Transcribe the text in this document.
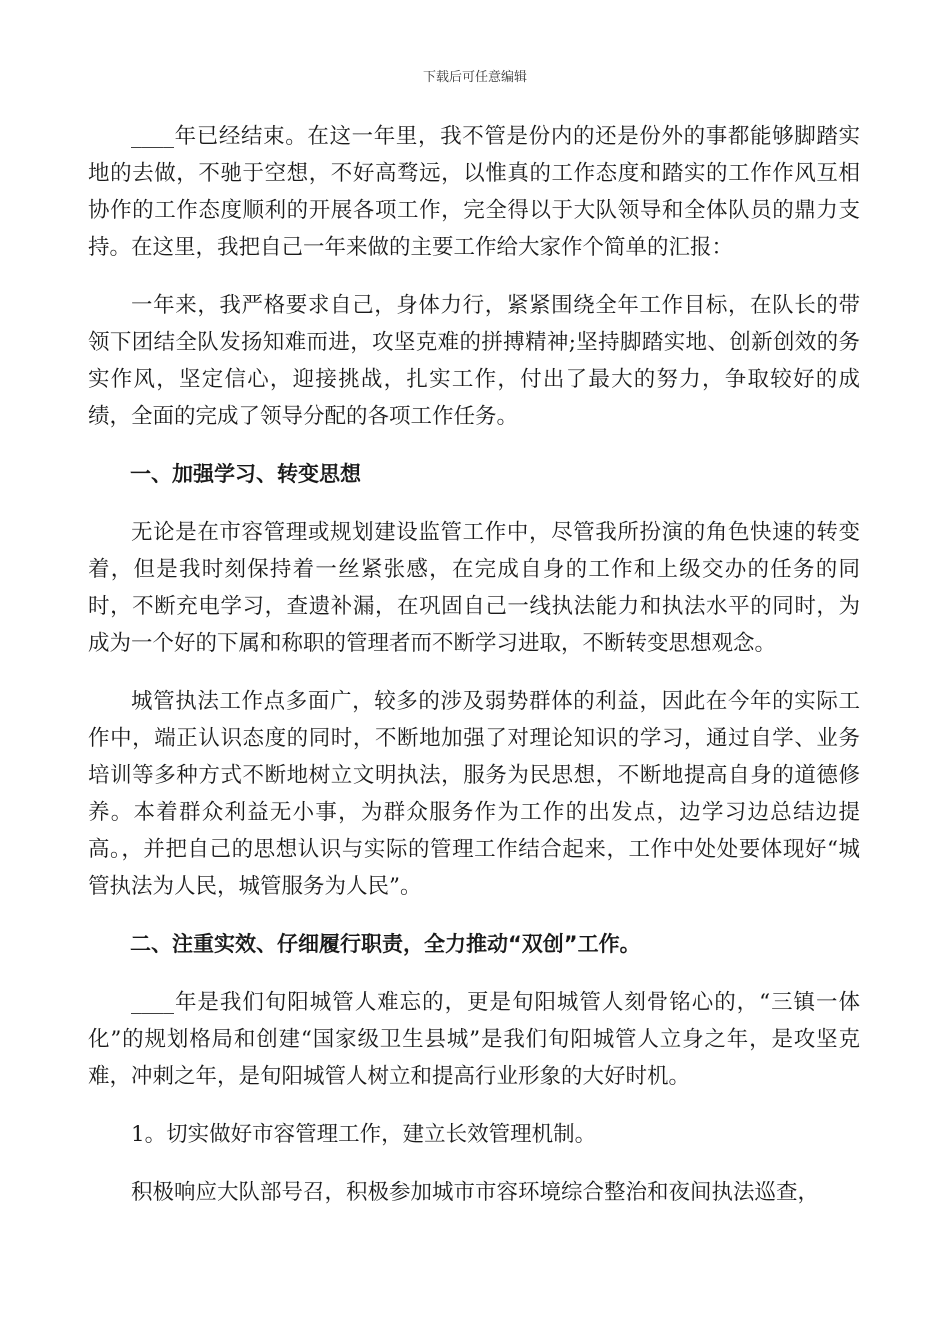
下载后可任意编辑

____年已经结束。在这一年里，我不管是份内的还是份外的事都能够脚踏实地的去做，不驰于空想，不好高骛远，以惟真的工作态度和踏实的工作作风互相协作的工作态度顺利的开展各项工作，完全得以于大队领导和全体队员的鼎力支持。在这里，我把自己一年来做的主要工作给大家作个简单的汇报：

一年来，我严格要求自己，身体力行，紧紧围绕全年工作目标，在队长的带领下团结全队发扬知难而进，攻坚克难的拼搏精神;坚持脚踏实地、创新创效的务实作风，坚定信心，迎接挑战，扎实工作，付出了最大的努力，争取较好的成绩，全面的完成了领导分配的各项工作任务。

一、加强学习、转变思想

无论是在市容管理或规划建设监管工作中，尽管我所扮演的角色快速的转变着，但是我时刻保持着一丝紧张感，在完成自身的工作和上级交办的任务的同时，不断充电学习，查遗补漏，在巩固自己一线执法能力和执法水平的同时，为成为一个好的下属和称职的管理者而不断学习进取，不断转变思想观念。

城管执法工作点多面广，较多的涉及弱势群体的利益，因此在今年的实际工作中，端正认识态度的同时，不断地加强了对理论知识的学习，通过自学、业务培训等多种方式不断地树立文明执法，服务为民思想，不断地提高自身的道德修养。本着群众利益无小事，为群众服务作为工作的出发点，边学习边总结边提高。，并把自己的思想认识与实际的管理工作结合起来，工作中处处要体现好“城管执法为人民，城管服务为人民”。

二、注重实效、仔细履行职责，全力推动“双创”工作。

____年是我们旬阳城管人难忘的，更是旬阳城管人刻骨铭心的，“三镇一体化”的规划格局和创建“国家级卫生县城”是我们旬阳城管人立身之年，是攻坚克难，冲刺之年，是旬阳城管人树立和提高行业形象的大好时机。

1。切实做好市容管理工作，建立长效管理机制。

积极响应大队部号召，积极参加城市市容环境综合整治和夜间执法巡查，
